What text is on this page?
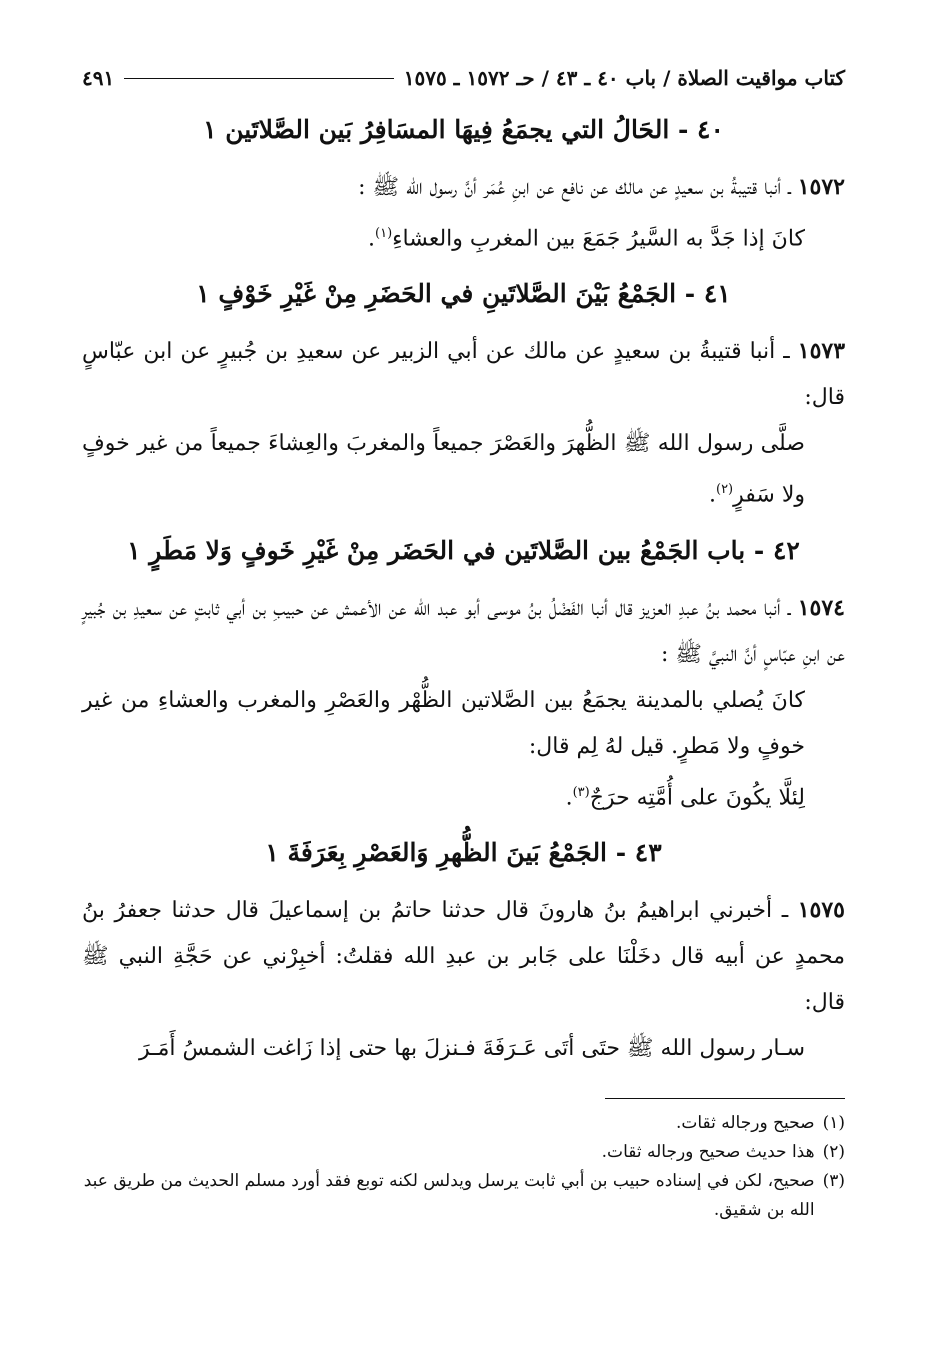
كتاب مواقيت الصلاة / باب ٤٠ ـ ٤٣ / حـ ١٥٧٢ ـ ١٥٧٥
٤٩١
٤٠ - الحَالُ التي يجمَعُ فِيهَا المسَافِرُ بَين الصَّلاتَين ١
١٥٧٢ ـ أنبا قتيبةُ بن سعيدٍ عن مالك عن نافع عن ابنِ عُمَر أنَّ رسول الله ﷺ :
كانَ إذا جَدَّ به السَّيرُ جَمَعَ بين المغربِ والعشاءِ$^{(١)}$.
٤١ - الجَمْعُ بَيْنَ الصَّلاتَينِ في الحَضَرِ مِنْ غَيْرِ خَوْفٍ ١
١٥٧٣ ـ أنبا قتيبةُ بن سعيدٍ عن مالك عن أبي الزبير عن سعيدِ بن جُبيرٍ عن ابن عبّاسٍ قال:
صلَّى رسول الله ﷺ الظُّهرَ والعَصْرَ جميعاً والمغربَ والعِشاءَ جميعاً من غير خوفٍ ولا سَفرٍ$^{(٢)}$.
٤٢ - باب الجَمْعُ بين الصَّلاتَين في الحَضَر مِنْ غَيْرِ خَوفٍ وَلا مَطَرٍ ١
١٥٧٤ ـ أنبا محمد بنُ عبدِ العزيز قال أنبا الفَضْلُ بنُ موسى أبو عبد الله عن الأعمش عن حبيبِ بن أبي ثابتٍ عن سعيدِ بن جُبيرٍ عن ابنِ عبّاسٍ أنَّ النبيَّ ﷺ :
كانَ يُصلي بالمدينة يجمَعُ بين الصَّلاتين الظُّهْر والعَصْرِ والمغرب والعشاءِ من غير خوفٍ ولا مَطرٍ. قيل لهُ لِم قال:
لِئلَّا يكُونَ على أُمَّتِه حرَجٌ$^{(٣)}$.
٤٣ - الجَمْعُ بَينَ الظُّهرِ وَالعَصْرِ بِعَرَفَةَ ١
١٥٧٥ ـ أخبرني ابراهيمُ بنُ هارونَ قال حدثنا حاتمُ بن إسماعيلَ قال حدثنا جعفرُ بنُ محمدٍ عن أبيه قال دخَلْنَا على جَابر بن عبدِ الله فقلتُ: أخبِرْني عن حَجَّةِ النبي ﷺ قال:
سـار رسول الله ﷺ حتَى أتَى عَـرَفَةَ فـنزلَ بها حتى إذا زَاغت الشمسُ أَمَـرَ
(١)
صحيح ورجاله ثقات.
(٢)
هذا حديث صحيح ورجاله ثقات.
(٣)
صحيح، لكن في إسناده حبيب بن أبي ثابت يرسل ويدلس لكنه توبع فقد أورد مسلم الحديث من طريق عبد الله بن شقيق.
